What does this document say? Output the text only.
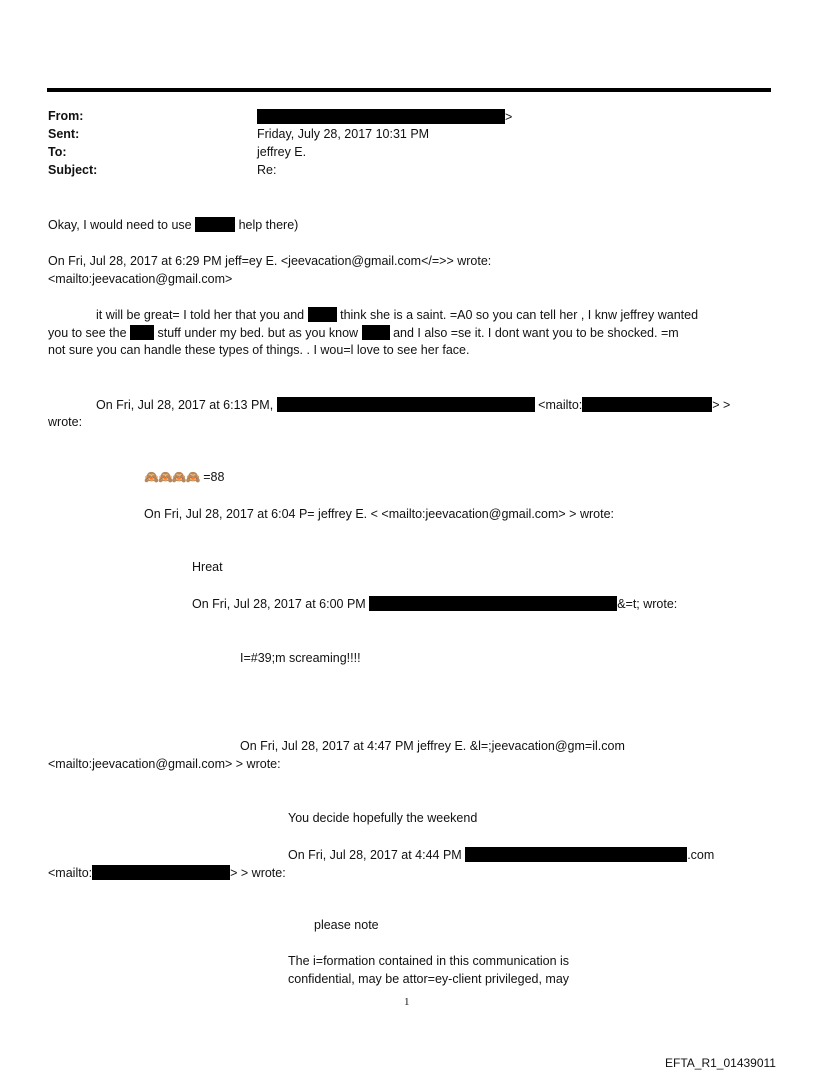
From:	>
Sent:	Friday, July 28, 2017 10:31 PM
To:	jeffrey E.
Subject:	Re:
Okay, I would need to use	help there)
On Fri, Jul 28, 2017 at 6:29 PM jeff=ey E. <jeevacation@gmail.com</=>> wrote:
<mailto:jeevacation@gmail.com>
it will be great= I told her that you and	think she is a saint. =A0 so you can tell her , I knw jeffrey wanted
you to see the stuff under my bed. but as you know	and I also =se it. I dont want you to be shocked. =m
not sure you can handle these types of things. . I wou=l love to see her face.
On Fri, Jul 28, 2017 at 6:13 PM,	<mailto:	> >
wrote:
🙈🙈🙈🙈 =88
On Fri, Jul 28, 2017 at 6:04 P= jeffrey E. < <mailto:jeevacation@gmail.com> > wrote:
Hreat
On Fri, Jul 28, 2017 at 6:00 PM	&=t; wrote:
I=#39;m screaming!!!!
On Fri, Jul 28, 2017 at 4:47 PM jeffrey E. &l=;jeevacation@gm=il.com
<mailto:jeevacation@gmail.com> > wrote:
You decide hopefully the weekend
On Fri, Jul 28, 2017 at 4:44 PM	.com
<mailto:	> > wrote:
please note
The i=formation contained in this communication is
confidential, may be attor=ey-client privileged, may
1
EFTA_R1_01439011
